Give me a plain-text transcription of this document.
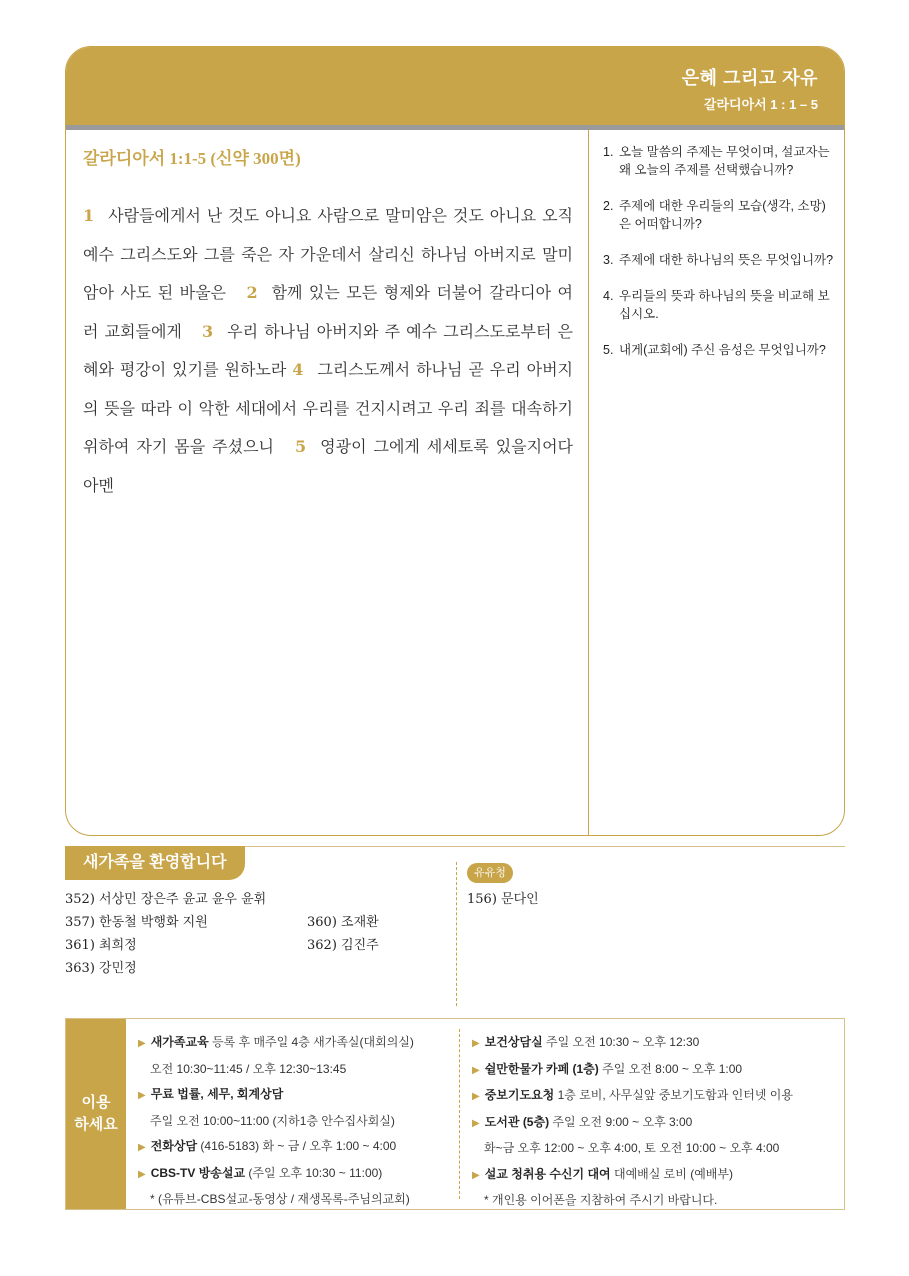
은혜 그리고 자유
갈라디아서 1 : 1 – 5
갈라디아서 1:1-5 (신약 300면)
1 사람들에게서 난 것도 아니요 사람으로 말미암은 것도 아니요 오직 예수 그리스도와 그를 죽은 자 가운데서 살리신 하나님 아버지로 말미암아 사도 된 바울은 2 함께 있는 모든 형제와 더불어 갈라디아 여러 교회들에게 3 우리 하나님 아버지와 주 예수 그리스도로부터 은혜와 평강이 있기를 원하노라 4 그리스도께서 하나님 곧 우리 아버지의 뜻을 따라 이 악한 세대에서 우리를 건지시려고 우리 죄를 대속하기 위하여 자기 몸을 주셨으니 5 영광이 그에게 세세토록 있을지어다 아멘
1. 오늘 말씀의 주제는 무엇이며, 설교자는 왜 오늘의 주제를 선택했습니까?
2. 주제에 대한 우리들의 모습(생각, 소망)은 어떠합니까?
3. 주제에 대한 하나님의 뜻은 무엇입니까?
4. 우리들의 뜻과 하나님의 뜻을 비교해 보십시오.
5. 내게(교회에) 주신 음성은 무엇입니까?
새가족을 환영합니다
352) 서상민 장은주 윤교 윤우 윤휘
357) 한동철 박행화 지원	360) 조재환
361) 최희정	362) 김진주
363) 강민정
유유청
156) 문다인
이용
하세요
▶ 새가족교육 등록 후 매주일 4층 새가족실(대회의실)
오전 10:30~11:45 / 오후 12:30~13:45
▶ 무료 법률, 세무, 회계상담
주일 오전 10:00~11:00 (지하1층 안수집사회실)
▶ 전화상담 (416-5183) 화 ~ 금 / 오후 1:00 ~ 4:00
▶ CBS-TV 방송설교 (주일 오후 10:30 ~ 11:00)
* (유튜브-CBS설교-동영상 / 재생목록-주님의교회)
▶ 보건상담실 주일 오전 10:30 ~ 오후 12:30
▶ 쉴만한물가 카페 (1층) 주일 오전 8:00 ~ 오후 1:00
▶ 중보기도요청 1층 로비, 사무실앞 중보기도함과 인터넷 이용
▶ 도서관 (5층) 주일 오전 9:00 ~ 오후 3:00
화~금 오후 12:00 ~ 오후 4:00, 토 오전 10:00 ~ 오후 4:00
▶ 설교 청취용 수신기 대여 대예배실 로비 (예배부)
* 개인용 이어폰을 지참하여 주시기 바랍니다.
